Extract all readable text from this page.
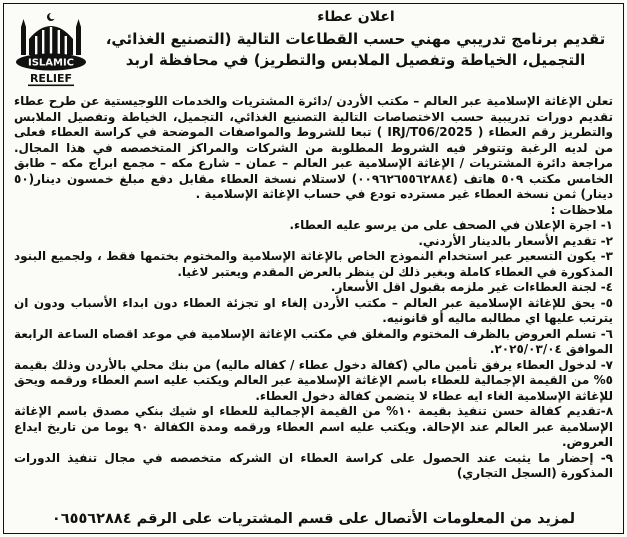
ISLAMIC
RELIEF
اعلان عطاء
تقديم برنامج تدريبي مهني حسب القطاعات التالية (التصنيع الغذائي،
التجميل، الخياطة وتفصيل الملابس والتطريز) في محافظة اربد

تعلن الإغاثة الإسلامية عبر العالم – مكتب الأردن /دائرة المشتريات والخدمات اللوجيستية عن طرح عطاء تقديم دورات تدريبية حسب الاختصاصات التالية التصنيع الغذائي، التجميل، الخياطة وتفصيل الملابس والتطريز رقم العطاء ( IRJ/T06/2025 ) تبعا للشروط والمواصفات الموضحة في كراسة العطاء فعلى من لديه الرغبة وتتوفر فيه الشروط المطلوبة من الشركات والمراكز المتخصصه في هذا المجال. مراجعة دائرة المشتريات / الإغاثة الإسلامية عبر العالم – عمان – شارع مكه – مجمع ابراج مكه – طابق الخامس مكتب ٥٠٩ هاتف (٠٠٩٦٢٦٥٥٦٢٨٨٤) لاستلام نسخة العطاء مقابل دفع مبلغ خمسون دينار(٥٠ دينار) ثمن نسخة العطاء غير مسترده تودع في حساب الإغاثة الإسلامية .

ملاحظات :

١- اجرة الإعلان في الصحف على من يرسو عليه العطاء.

٢- تقديم الأسعار بالدينار الأردني.

٣- يكون التسعير عبر استخدام النموذج الخاص بالإغاثة الإسلامية والمختوم بختمها فقط ، ولجميع البنود المذكورة في العطاء كاملة وبغير ذلك لن ينظر بالعرض المقدم ويعتبر لاغيا.

٤- لجنة العطاءات غير ملزمه بقبول اقل الأسعار.

٥- يحق للإغاثة الإسلامية عبر العالم – مكتب الأردن إلغاء او تجزئة العطاء دون ابداء الأسباب ودون ان يترتب عليها اي مطالبه ماليه أو قانونيه.

٦- تسلم العروض بالظرف المختوم والمغلق في مكتب الإغاثة الإسلامية في موعد اقصاه الساعة الرابعة الموافق ٢٠٢٥/٠٣/٠٤.

٧- لدخول العطاء يرفق تأمين مالي (كفالة دخول عطاء / كفاله ماليه) من بنك محلي بالأردن وذلك بقيمة ٥% من القيمة الإجمالية للعطاء باسم الإغاثة الإسلامية عبر العالم ويكتب عليه اسم العطاء ورقمه ويحق للإغاثة الإسلامية الغاء ايه عطاء لا يتضمن كفالة دخول العطاء.

٨-تقديم كفالة حسن تنفيذ بقيمة ١٠% من القيمة الإجمالية للعطاء او شيك بنكي مصدق باسم الإغاثة الإسلامية عبر العالم عند الإحالة. ويكتب عليه اسم العطاء ورقمه ومدة الكفالة ٩٠ يوما من تاريخ ايداع العروض.

٩- إحضار ما يثبت عند الحصول على كراسة العطاء ان الشركه متخصصه في مجال تنفيذ الدورات المذكورة (السجل التجاري)

لمزيد من المعلومات الأتصال على قسم المشتريات على الرقم ٠٦٥٥٦٢٨٨٤
